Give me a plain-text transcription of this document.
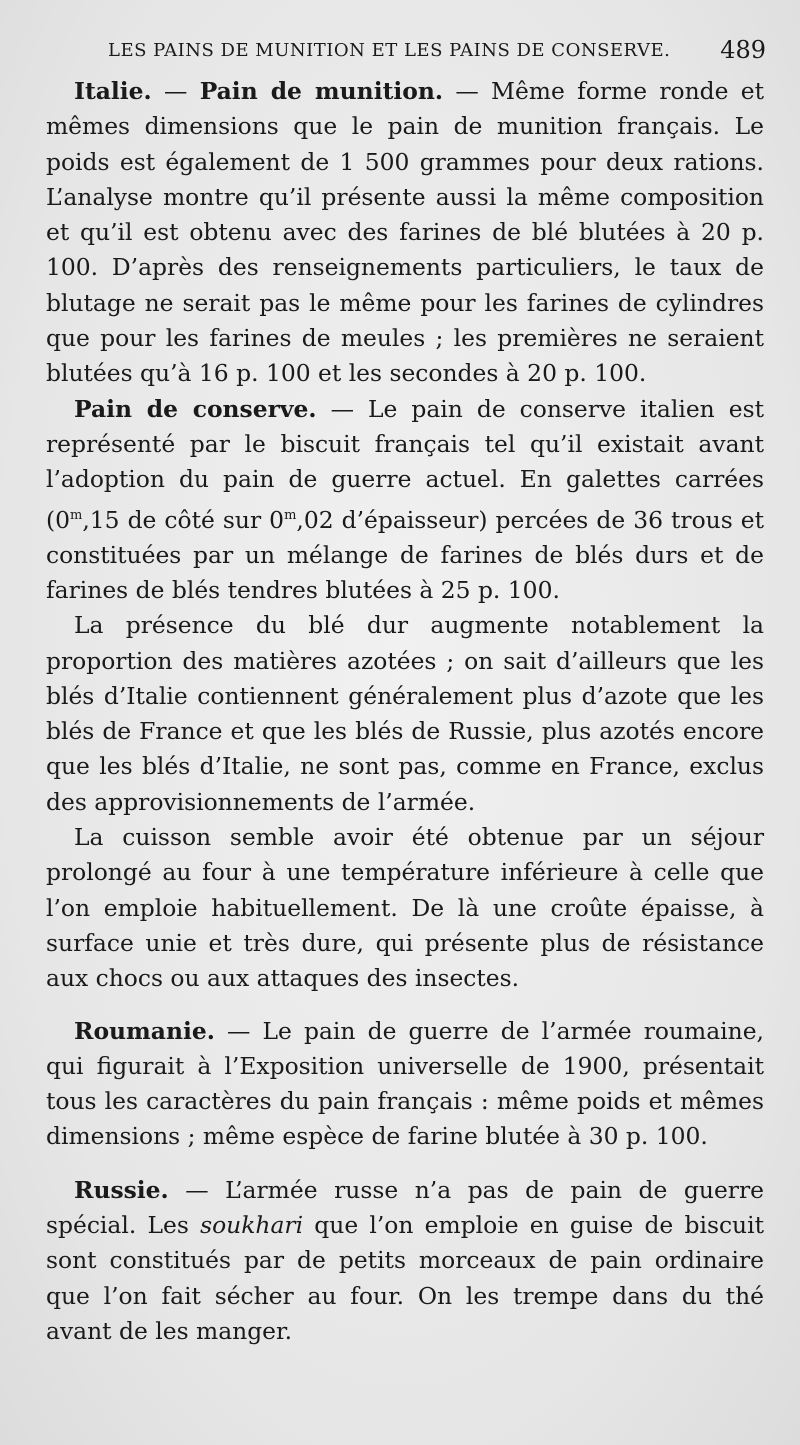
LES PAINS DE MUNITION ET LES PAINS DE CONSERVE. 489

Italie. — Pain de munition. — Même forme ronde et mêmes dimensions que le pain de munition français. Le poids est également de 1 500 grammes pour deux rations. L’analyse montre qu’il présente aussi la même composition et qu’il est obtenu avec des farines de blé blutées à 20 p. 100. D’après des renseignements particuliers, le taux de blutage ne serait pas le même pour les farines de cylindres que pour les farines de meules ; les premières ne seraient blutées qu’à 16 p. 100 et les secondes à 20 p. 100.

Pain de conserve. — Le pain de conserve italien est représenté par le biscuit français tel qu’il existait avant l’adoption du pain de guerre actuel. En galettes carrées (0$^m$,15 de côté sur 0$^m$,02 d’épaisseur) percées de 36 trous et constituées par un mélange de farines de blés durs et de farines de blés tendres blutées à 25 p. 100.

La présence du blé dur augmente notablement la proportion des matières azotées ; on sait d’ailleurs que les blés d’Italie contiennent généralement plus d’azote que les blés de France et que les blés de Russie, plus azotés encore que les blés d’Italie, ne sont pas, comme en France, exclus des approvisionnements de l’armée.

La cuisson semble avoir été obtenue par un séjour prolongé au four à une température inférieure à celle que l’on emploie habituellement. De là une croûte épaisse, à surface unie et très dure, qui présente plus de résistance aux chocs ou aux attaques des insectes.

Roumanie. — Le pain de guerre de l’armée roumaine, qui figurait à l’Exposition universelle de 1900, présentait tous les caractères du pain français : même poids et mêmes dimensions ; même espèce de farine blutée à 30 p. 100.

Russie. — L’armée russe n’a pas de pain de guerre spécial. Les soukhari que l’on emploie en guise de biscuit sont constitués par de petits morceaux de pain ordinaire que l’on fait sécher au four. On les trempe dans du thé avant de les manger.
